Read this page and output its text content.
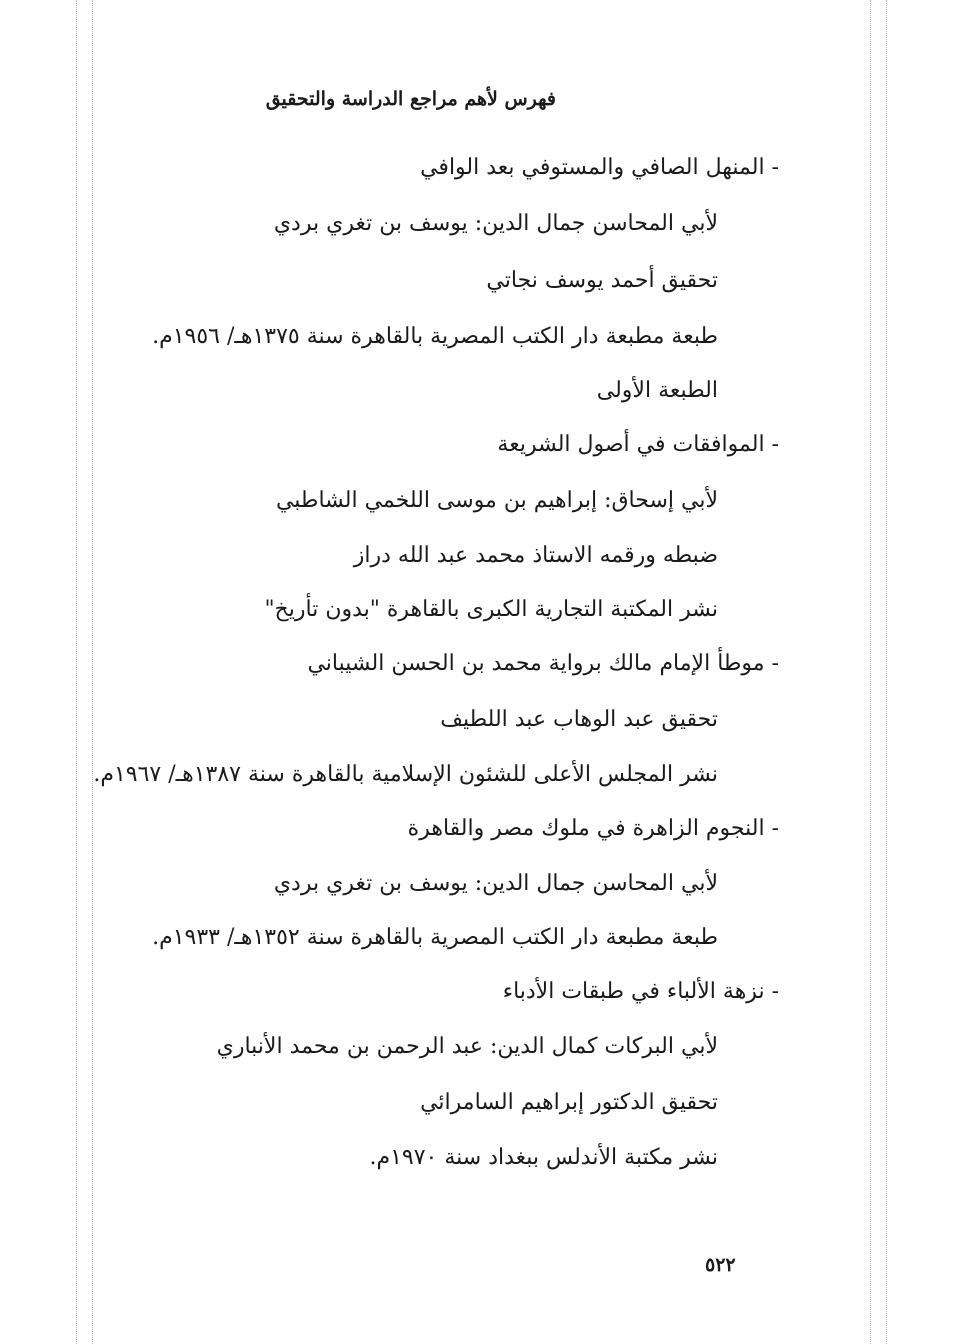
فهرس لأهم مراجع الدراسة والتحقيق
- المنهل الصافي والمستوفي بعد الوافي
لأبي المحاسن جمال الدين: يوسف بن تغري بردي
تحقيق أحمد يوسف نجاتي
طبعة مطبعة دار الكتب المصرية بالقاهرة سنة ١٣٧٥هـ/ ١٩٥٦م.
الطبعة الأولى
- الموافقات في أصول الشريعة
لأبي إسحاق: إبراهيم بن موسى اللخمي الشاطبي
ضبطه ورقمه الاستاذ محمد عبد الله دراز
نشر المكتبة التجارية الكبرى بالقاهرة "بدون تأريخ"
- موطأ الإمام مالك برواية محمد بن الحسن الشيباني
تحقيق عبد الوهاب عبد اللطيف
نشر المجلس الأعلى للشئون الإسلامية بالقاهرة سنة ١٣٨٧هـ/ ١٩٦٧م.
- النجوم الزاهرة في ملوك مصر والقاهرة
لأبي المحاسن جمال الدين: يوسف بن تغري بردي
طبعة مطبعة دار الكتب المصرية بالقاهرة سنة ١٣٥٢هـ/ ١٩٣٣م.
- نزهة الألباء في طبقات الأدباء
لأبي البركات كمال الدين: عبد الرحمن بن محمد الأنباري
تحقيق الدكتور إبراهيم السامرائي
نشر مكتبة الأندلس ببغداد سنة ١٩٧٠م.
٥٢٢
